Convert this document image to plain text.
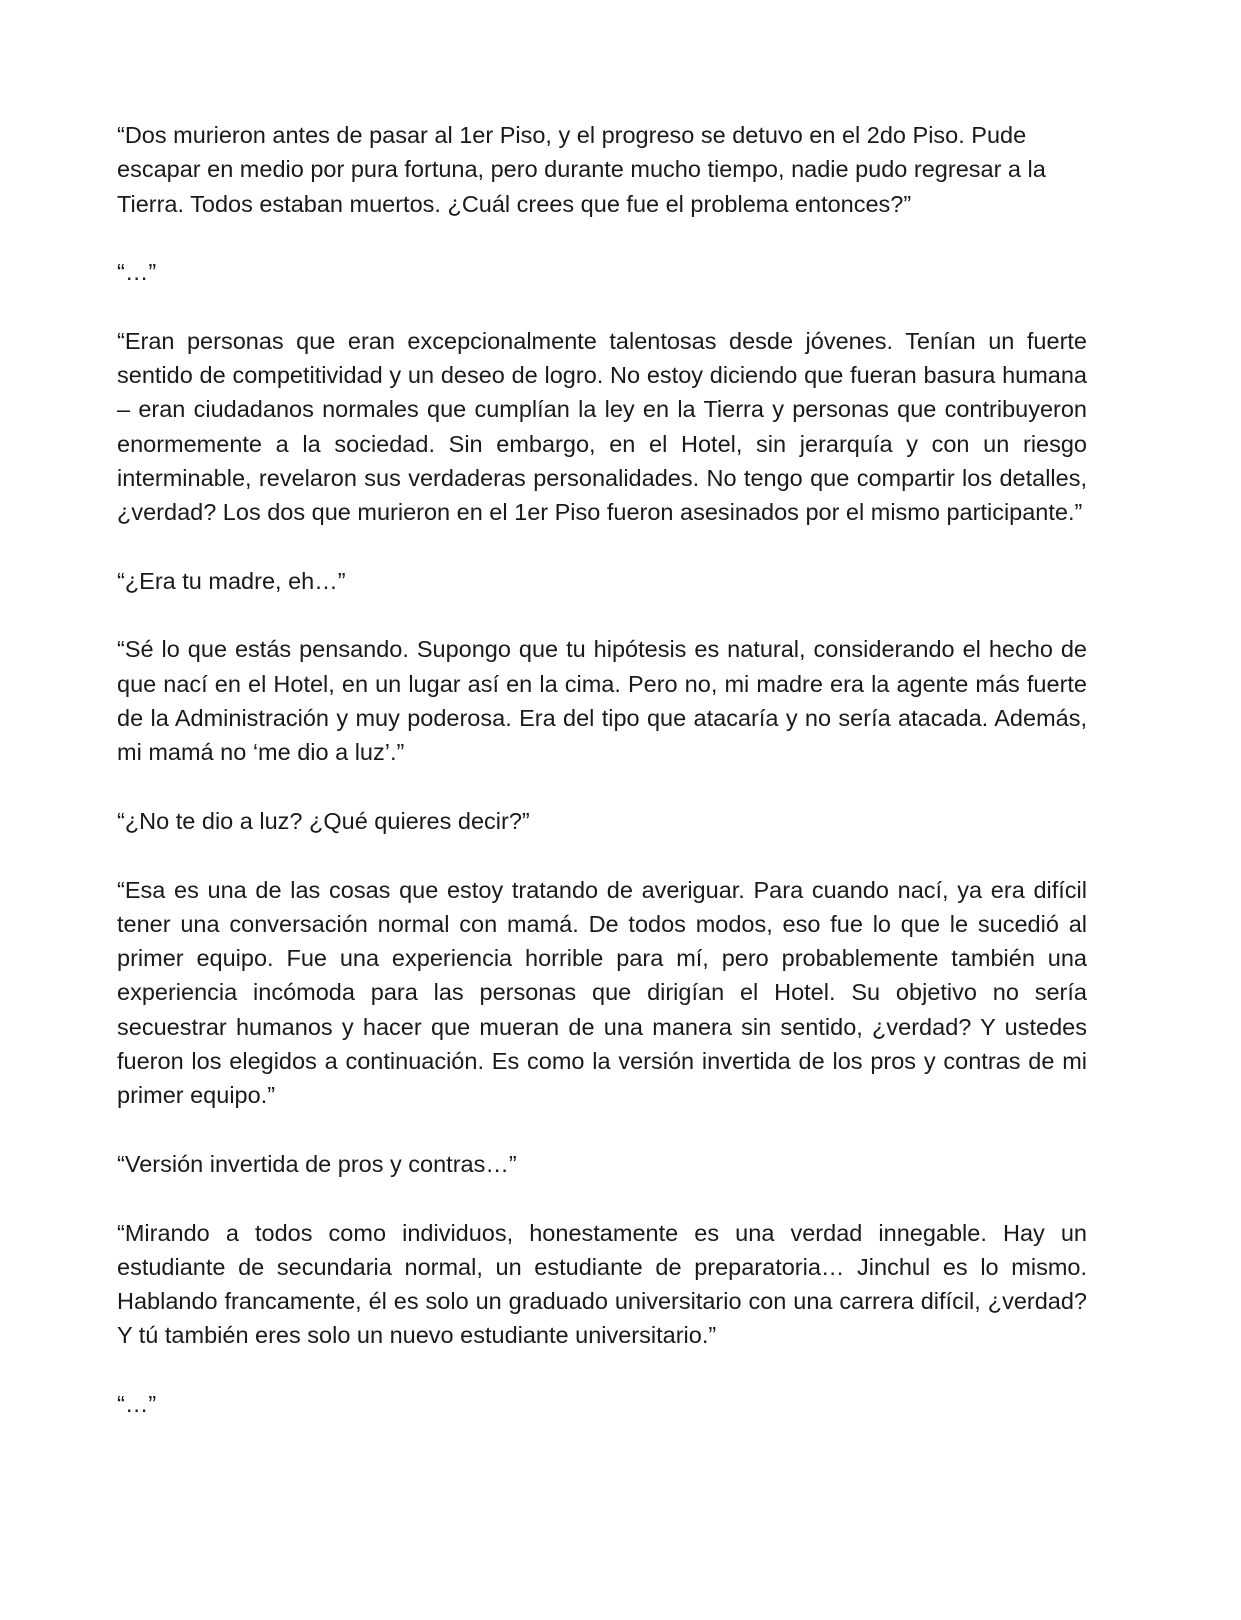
“Dos murieron antes de pasar al 1er Piso, y el progreso se detuvo en el 2do Piso. Pude escapar en medio por pura fortuna, pero durante mucho tiempo, nadie pudo regresar a la Tierra. Todos estaban muertos. ¿Cuál crees que fue el problema entonces?”

“…”

“Eran personas que eran excepcionalmente talentosas desde jóvenes. Tenían un fuerte sentido de competitividad y un deseo de logro. No estoy diciendo que fueran basura humana – eran ciudadanos normales que cumplían la ley en la Tierra y personas que contribuyeron enormemente a la sociedad. Sin embargo, en el Hotel, sin jerarquía y con un riesgo interminable, revelaron sus verdaderas personalidades. No tengo que compartir los detalles, ¿verdad? Los dos que murieron en el 1er Piso fueron asesinados por el mismo participante.”

“¿Era tu madre, eh…”

“Sé lo que estás pensando. Supongo que tu hipótesis es natural, considerando el hecho de que nací en el Hotel, en un lugar así en la cima. Pero no, mi madre era la agente más fuerte de la Administración y muy poderosa. Era del tipo que atacaría y no sería atacada. Además, mi mamá no ‘me dio a luz’.”

“¿No te dio a luz? ¿Qué quieres decir?”

“Esa es una de las cosas que estoy tratando de averiguar. Para cuando nací, ya era difícil tener una conversación normal con mamá. De todos modos, eso fue lo que le sucedió al primer equipo. Fue una experiencia horrible para mí, pero probablemente también una experiencia incómoda para las personas que dirigían el Hotel. Su objetivo no sería secuestrar humanos y hacer que mueran de una manera sin sentido, ¿verdad? Y ustedes fueron los elegidos a continuación. Es como la versión invertida de los pros y contras de mi primer equipo.”

“Versión invertida de pros y contras…”

“Mirando a todos como individuos, honestamente es una verdad innegable. Hay un estudiante de secundaria normal, un estudiante de preparatoria… Jinchul es lo mismo. Hablando francamente, él es solo un graduado universitario con una carrera difícil, ¿verdad? Y tú también eres solo un nuevo estudiante universitario.”

“…”
